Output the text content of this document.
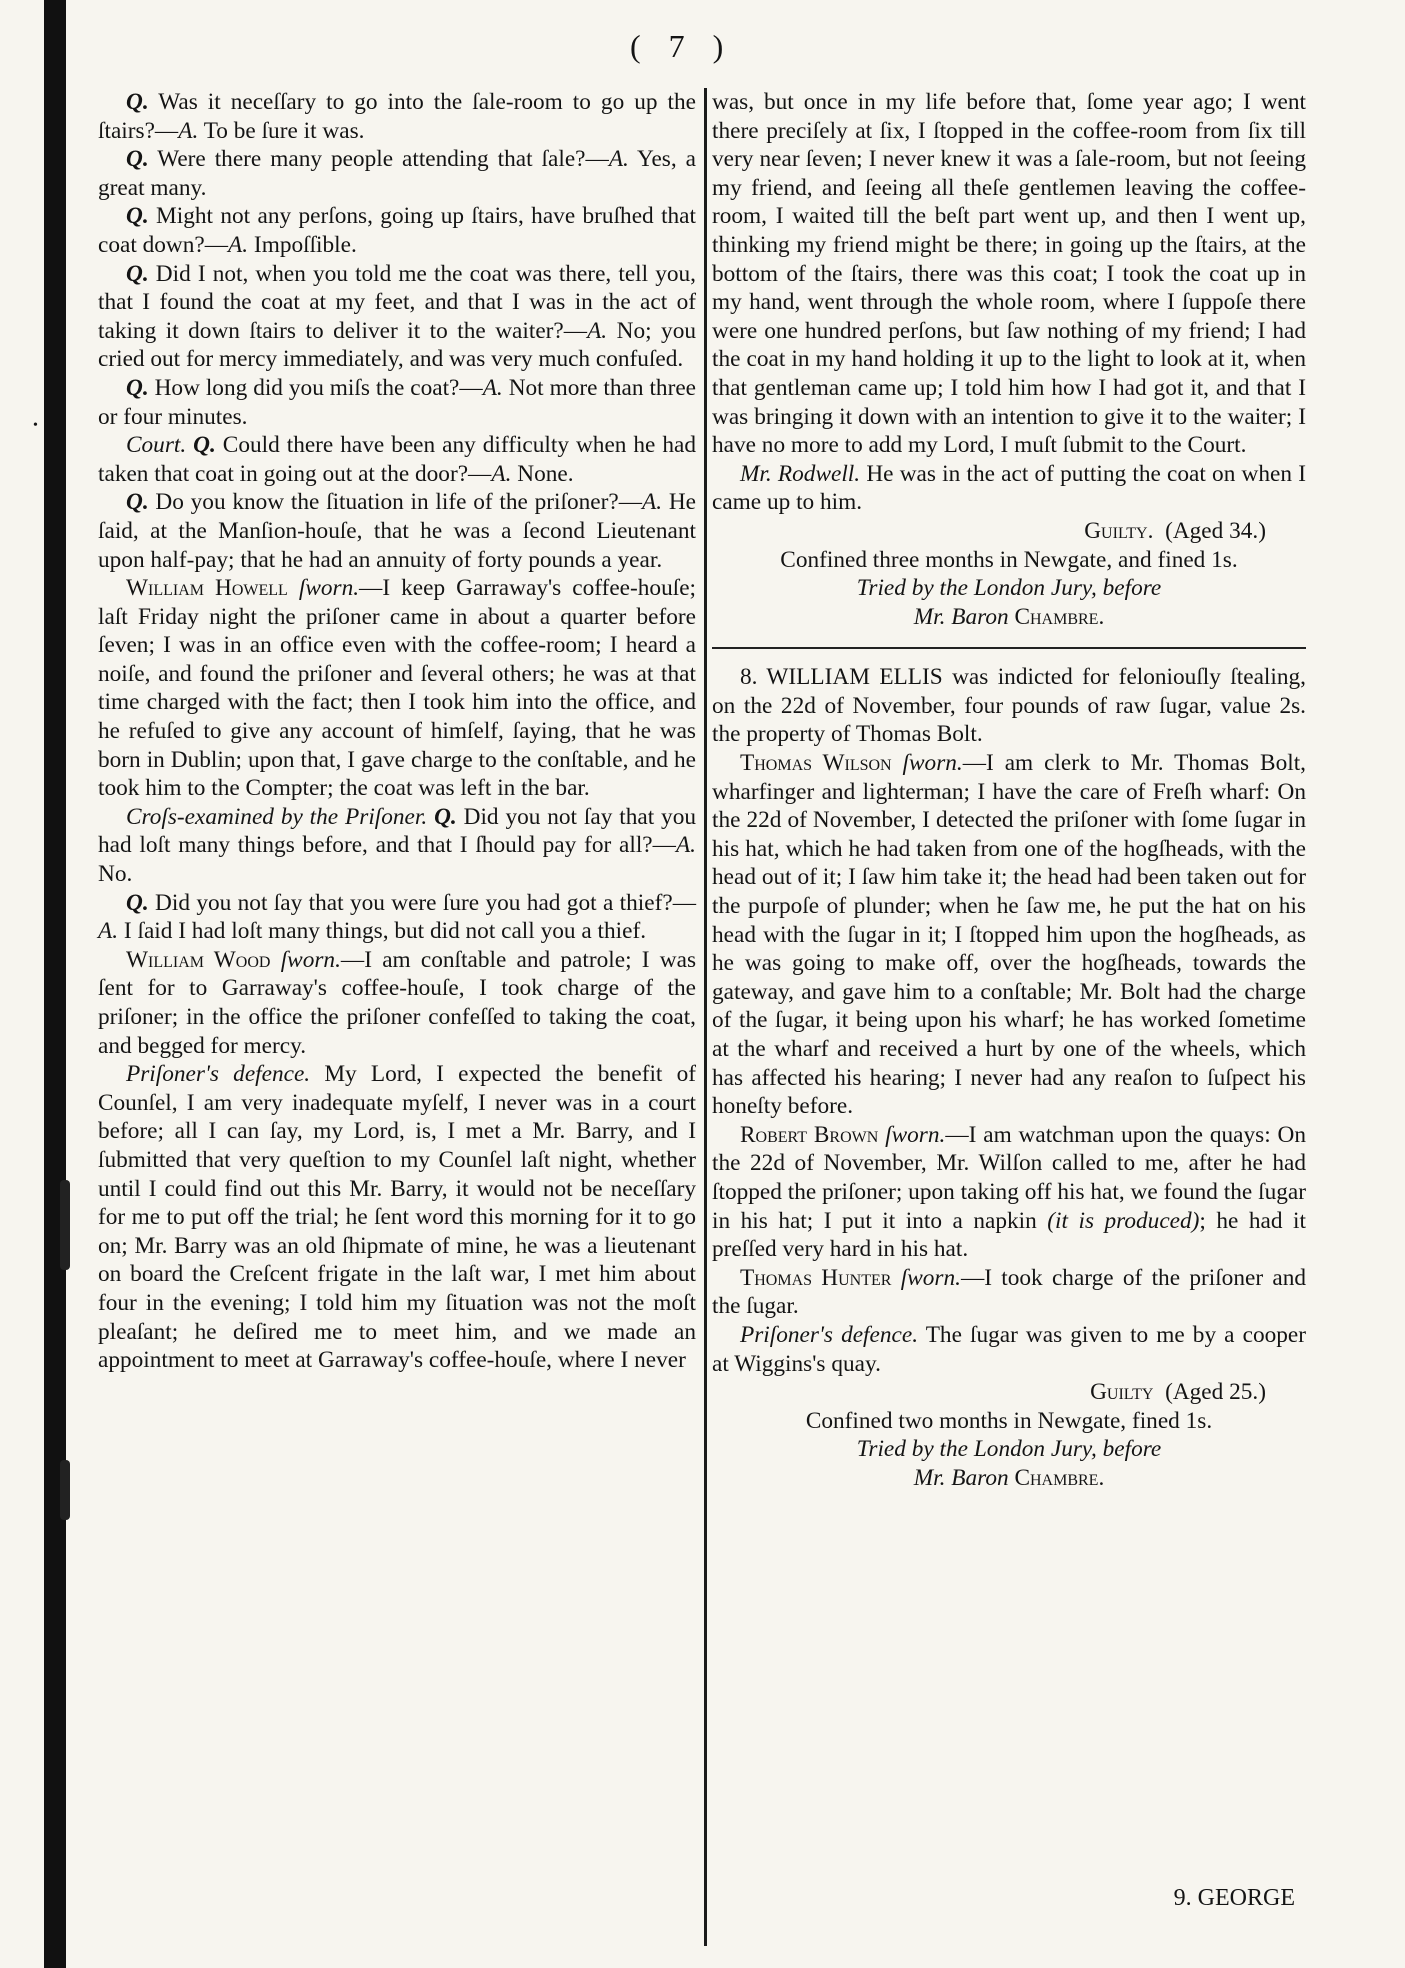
•
( 7 )

Q. Was it neceſſary to go into the ſale-room to go up the ſtairs?—A. To be ſure it was.

Q. Were there many people attending that ſale?—A. Yes, a great many.

Q. Might not any perſons, going up ſtairs, have bruſhed that coat down?—A. Impoſſible.

Q. Did I not, when you told me the coat was there, tell you, that I found the coat at my feet, and that I was in the act of taking it down ſtairs to deliver it to the waiter?—A. No; you cried out for mercy immediately, and was very much confuſed.

Q. How long did you miſs the coat?—A. Not more than three or four minutes.

Court. Q. Could there have been any difficulty when he had taken that coat in going out at the door?—A. None.

Q. Do you know the ſituation in life of the priſoner?—A. He ſaid, at the Manſion-houſe, that he was a ſecond Lieutenant upon half-pay; that he had an annuity of forty pounds a year.

William Howell ſworn.—I keep Garraway's coffee-houſe; laſt Friday night the priſoner came in about a quarter before ſeven; I was in an office even with the coffee-room; I heard a noiſe, and found the priſoner and ſeveral others; he was at that time charged with the fact; then I took him into the office, and he refuſed to give any account of himſelf, ſaying, that he was born in Dublin; upon that, I gave charge to the conſtable, and he took him to the Compter; the coat was left in the bar.

Croſs-examined by the Priſoner. Q. Did you not ſay that you had loſt many things before, and that I ſhould pay for all?—A. No.

Q. Did you not ſay that you were ſure you had got a thief?—A. I ſaid I had loſt many things, but did not call you a thief.

William Wood ſworn.—I am conſtable and patrole; I was ſent for to Garraway's coffee-houſe, I took charge of the priſoner; in the office the priſoner confeſſed to taking the coat, and begged for mercy.

Priſoner's defence. My Lord, I expected the benefit of Counſel, I am very inadequate myſelf, I never was in a court before; all I can ſay, my Lord, is, I met a Mr. Barry, and I ſubmitted that very queſtion to my Counſel laſt night, whether until I could find out this Mr. Barry, it would not be neceſſary for me to put off the trial; he ſent word this morning for it to go on; Mr. Barry was an old ſhipmate of mine, he was a lieutenant on board the Creſcent frigate in the laſt war, I met him about four in the evening; I told him my ſituation was not the moſt pleaſant; he deſired me to meet him, and we made an appointment to meet at Garraway's coffee-houſe, where I never

was, but once in my life before that, ſome year ago; I went there preciſely at ſix, I ſtopped in the coffee-room from ſix till very near ſeven; I never knew it was a ſale-room, but not ſeeing my friend, and ſeeing all theſe gentlemen leaving the coffee-room, I waited till the beſt part went up, and then I went up, thinking my friend might be there; in going up the ſtairs, at the bottom of the ſtairs, there was this coat; I took the coat up in my hand, went through the whole room, where I ſuppoſe there were one hundred perſons, but ſaw nothing of my friend; I had the coat in my hand holding it up to the light to look at it, when that gentleman came up; I told him how I had got it, and that I was bringing it down with an intention to give it to the waiter; I have no more to add my Lord, I muſt ſubmit to the Court.

Mr. Rodwell. He was in the act of putting the coat on when I came up to him.

Guilty. (Aged 34.)

Confined three months in Newgate, and fined 1s.

Tried by the London Jury, before

Mr. Baron Chambre.

8. WILLIAM ELLIS was indicted for feloniouſly ſtealing, on the 22d of November, four pounds of raw ſugar, value 2s. the property of Thomas Bolt.

Thomas Wilson ſworn.—I am clerk to Mr. Thomas Bolt, wharfinger and lighterman; I have the care of Freſh wharf: On the 22d of November, I detected the priſoner with ſome ſugar in his hat, which he had taken from one of the hogſheads, with the head out of it; I ſaw him take it; the head had been taken out for the purpoſe of plunder; when he ſaw me, he put the hat on his head with the ſugar in it; I ſtopped him upon the hogſheads, as he was going to make off, over the hogſheads, towards the gateway, and gave him to a conſtable; Mr. Bolt had the charge of the ſugar, it being upon his wharf; he has worked ſometime at the wharf and received a hurt by one of the wheels, which has affected his hearing; I never had any reaſon to ſuſpect his honeſty before.

Robert Brown ſworn.—I am watchman upon the quays: On the 22d of November, Mr. Wilſon called to me, after he had ſtopped the priſoner; upon taking off his hat, we found the ſugar in his hat; I put it into a napkin (it is produced); he had it preſſed very hard in his hat.

Thomas Hunter ſworn.—I took charge of the priſoner and the ſugar.

Priſoner's defence. The ſugar was given to me by a cooper at Wiggins's quay.

Guilty (Aged 25.)

Confined two months in Newgate, fined 1s.

Tried by the London Jury, before

Mr. Baron Chambre.

9. GEORGE
